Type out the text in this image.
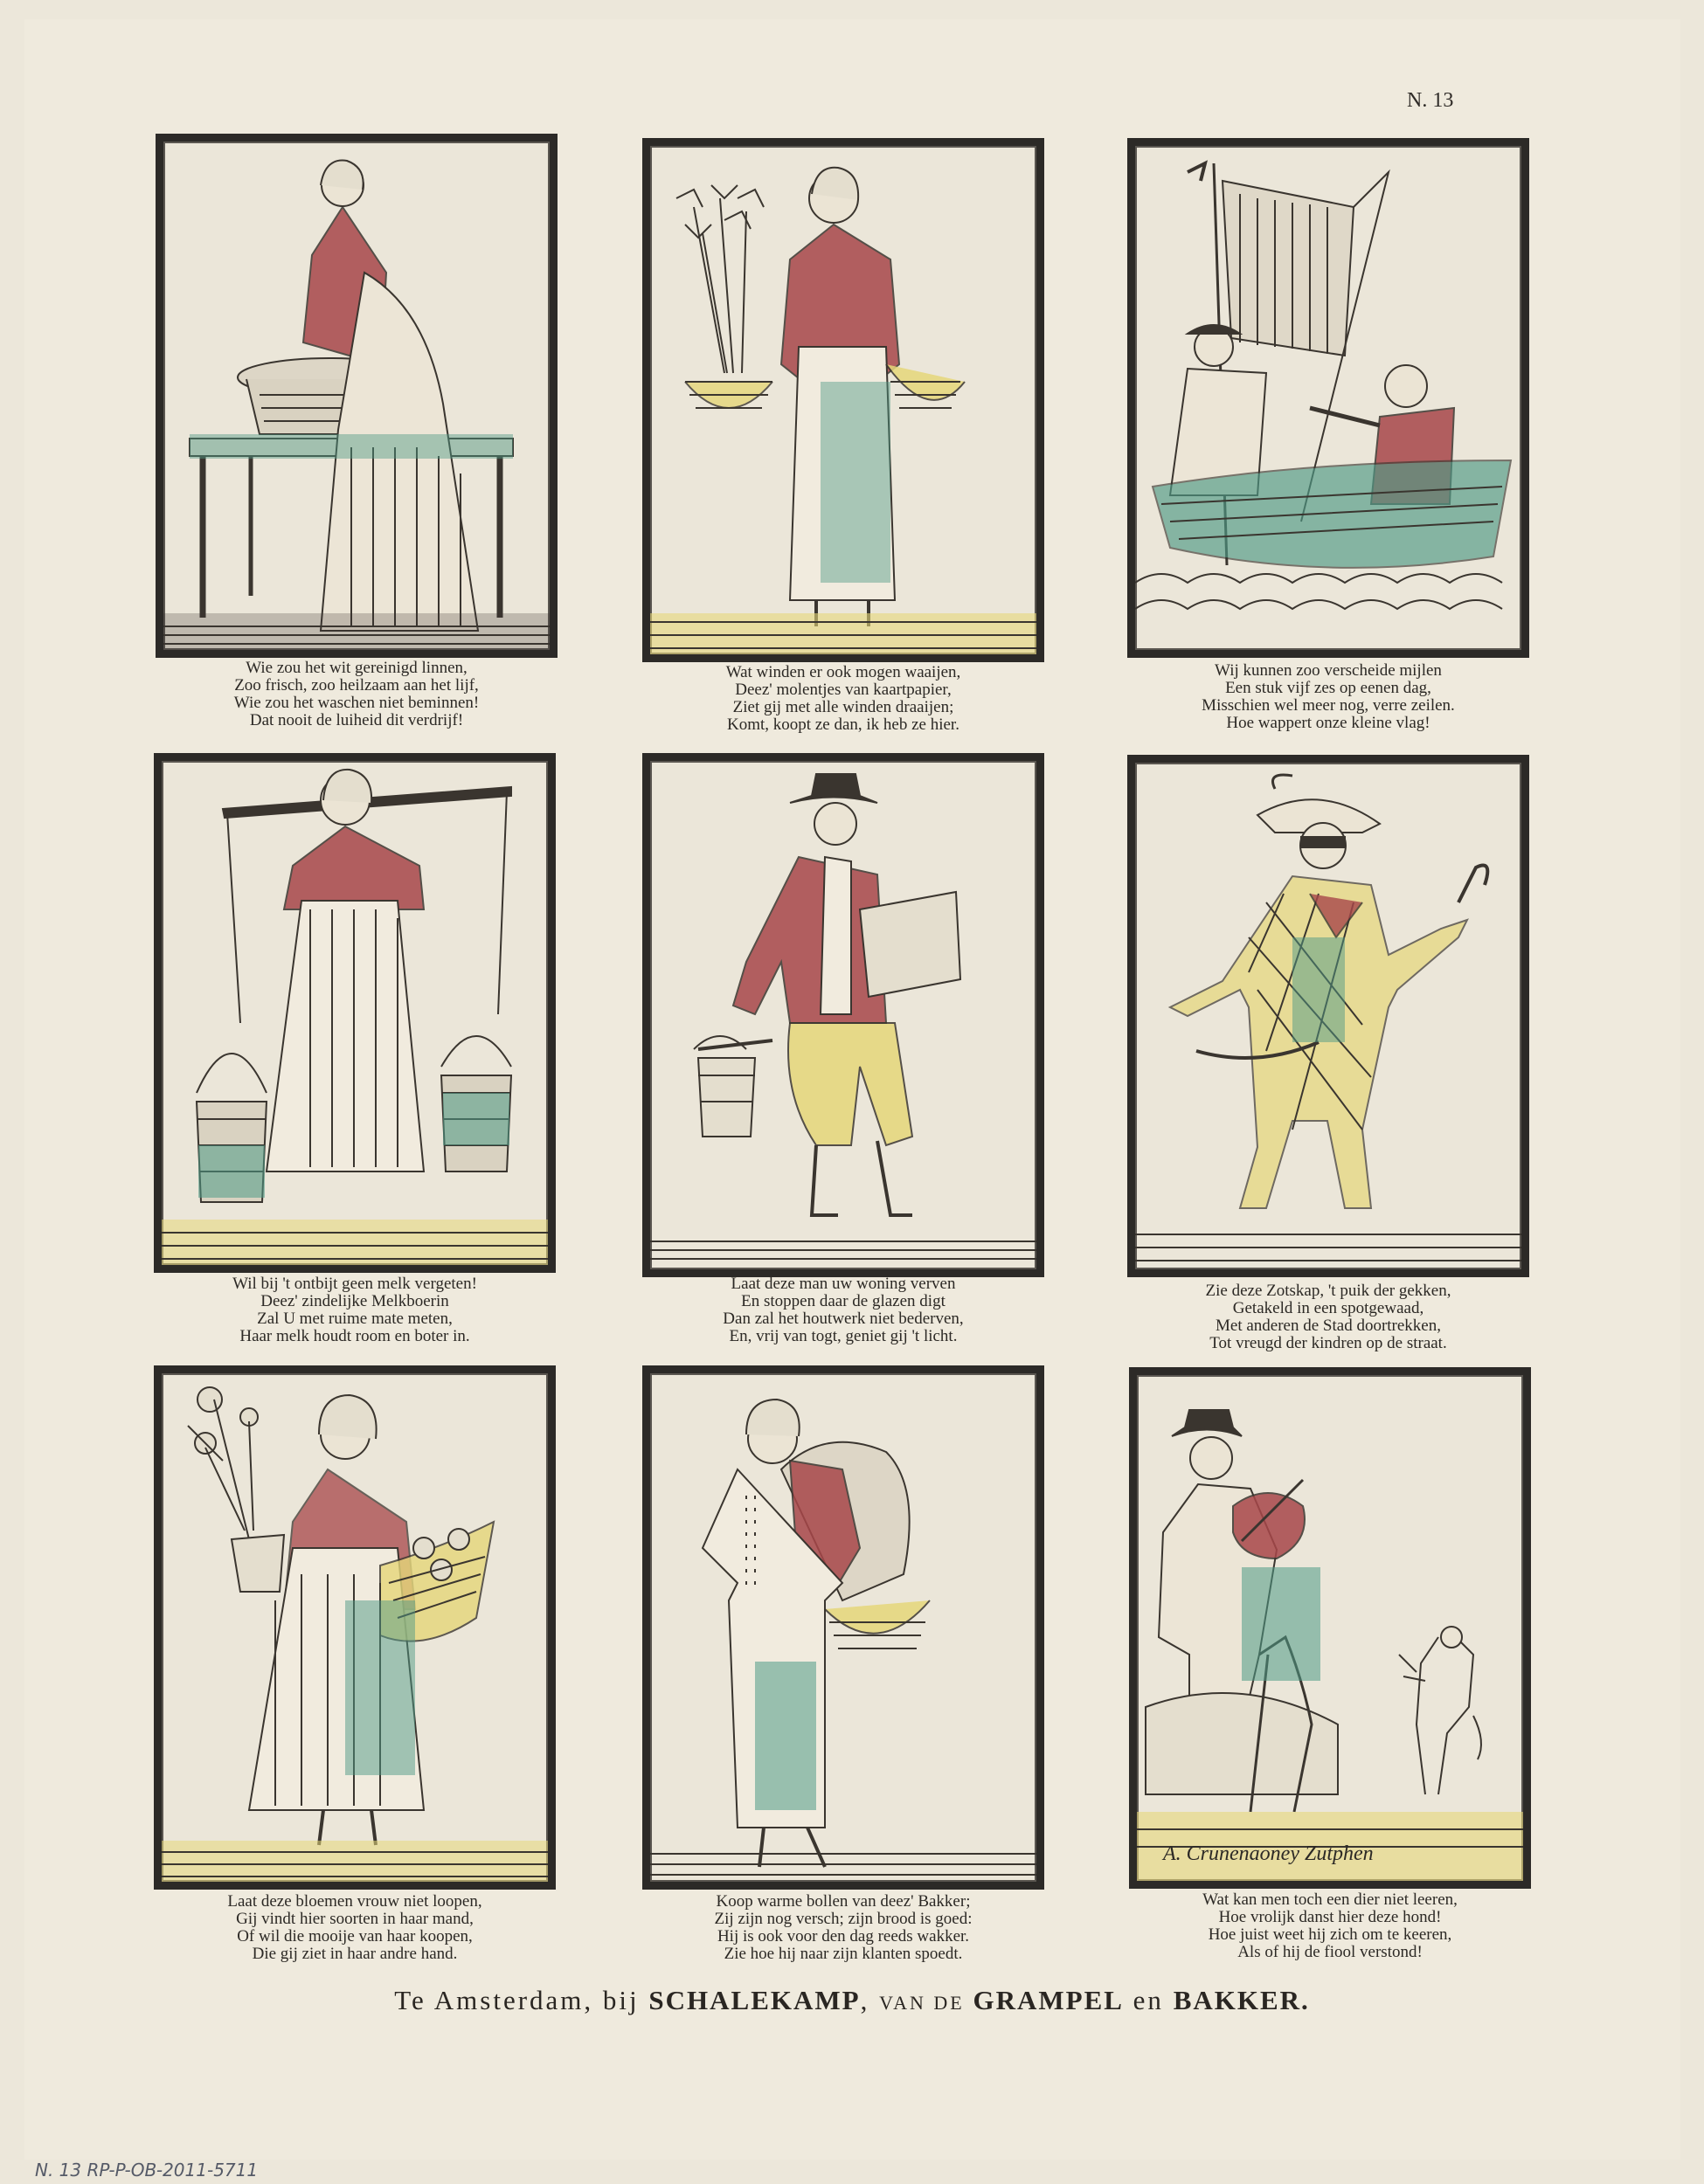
N. 13
Wie zou het wit gereinigd linnen,
Zoo frisch, zoo heilzaam aan het lijf,
Wie zou het waschen niet beminnen!
Dat nooit de luiheid dit verdrijf!
Wat winden er ook mogen waaijen,
Deez' molentjes van kaartpapier,
Ziet gij met alle winden draaijen;
Komt, koopt ze dan, ik heb ze hier.
Wij kunnen zoo verscheide mijlen
Een stuk vijf zes op eenen dag,
Misschien wel meer nog, verre zeilen.
Hoe wappert onze kleine vlag!
Wil bij 't ontbijt geen melk vergeten!
Deez' zindelijke Melkboerin
Zal U met ruime mate meten,
Haar melk houdt room en boter in.
Laat deze man uw woning verven
En stoppen daar de glazen digt
Dan zal het houtwerk niet bederven,
En, vrij van togt, geniet gij 't licht.
Zie deze Zotskap, 't puik der gekken,
Getakeld in een spotgewaad,
Met anderen de Stad doortrekken,
Tot vreugd der kindren op de straat.
Laat deze bloemen vrouw niet loopen,
Gij vindt hier soorten in haar mand,
Of wil die mooije van haar koopen,
Die gij ziet in haar andre hand.
Koop warme bollen van deez' Bakker;
Zij zijn nog versch; zijn brood is goed:
Hij is ook voor den dag reeds wakker.
Zie hoe hij naar zijn klanten spoedt.
A. Crunenaoney Zutphen
Wat kan men toch een dier niet leeren,
Hoe vrolijk danst hier deze hond!
Hoe juist weet hij zich om te keeren,
Als of hij de fiool verstond!
Te Amsterdam, bij SCHALEKAMP, VAN DE GRAMPEL en BAKKER.
N. 13 RP-P-OB-2011-5711
